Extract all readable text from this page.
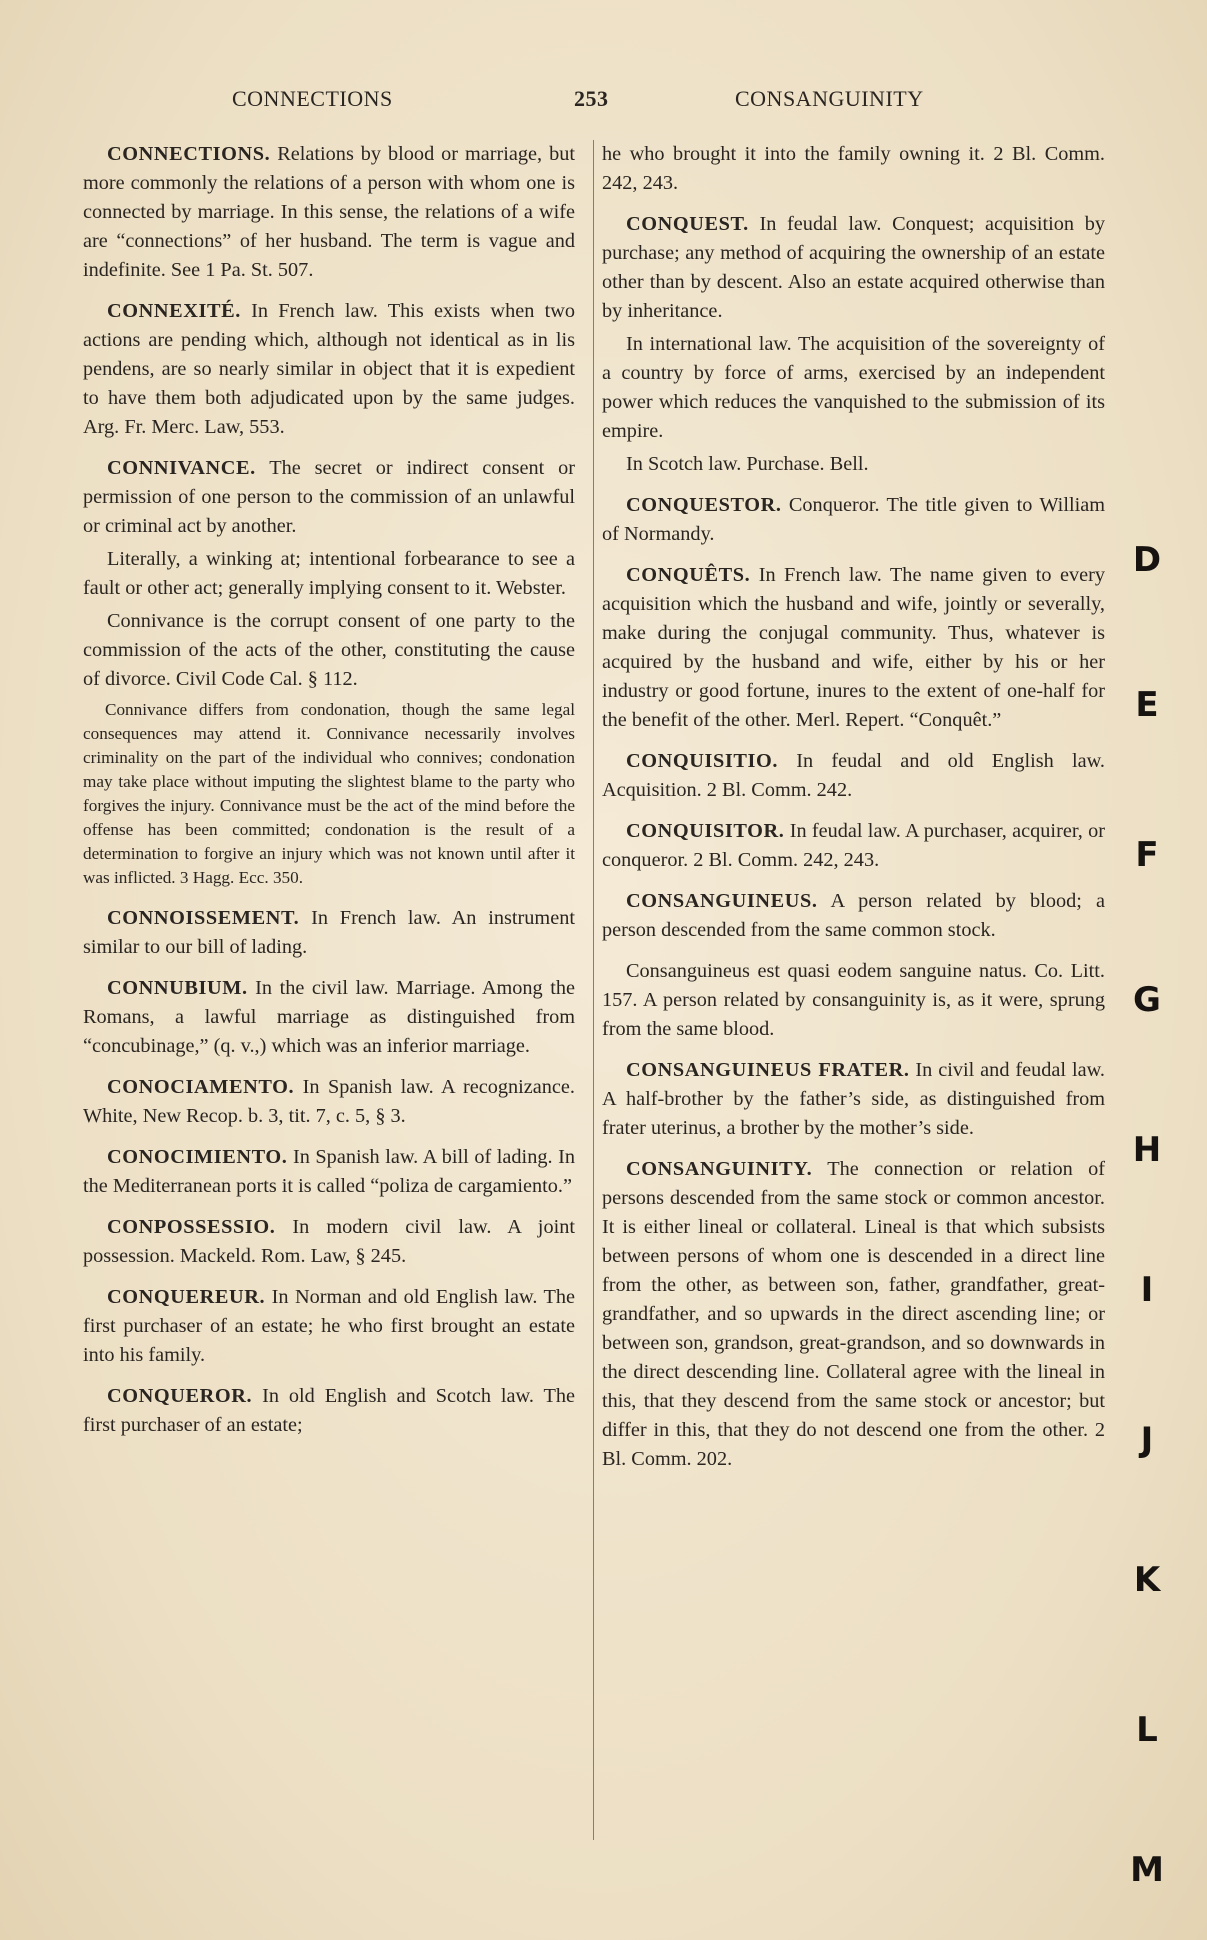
CONNECTIONS	253	CONSANGUINITY

CONNECTIONS. Relations by blood or marriage, but more commonly the relations of a person with whom one is connected by marriage. In this sense, the relations of a wife are “connections” of her husband. The term is vague and indefinite. See 1 Pa. St. 507.

CONNEXITÉ. In French law. This exists when two actions are pending which, although not identical as in lis pendens, are so nearly similar in object that it is expedient to have them both adjudicated upon by the same judges. Arg. Fr. Merc. Law, 553.

CONNIVANCE. The secret or indirect consent or permission of one person to the commission of an unlawful or criminal act by another.

Literally, a winking at; intentional forbearance to see a fault or other act; generally implying consent to it. Webster.

Connivance is the corrupt consent of one party to the commission of the acts of the other, constituting the cause of divorce. Civil Code Cal. § 112.

Connivance differs from condonation, though the same legal consequences may attend it. Connivance necessarily involves criminality on the part of the individual who connives; condonation may take place without imputing the slightest blame to the party who forgives the injury. Connivance must be the act of the mind before the offense has been committed; condonation is the result of a determination to forgive an injury which was not known until after it was inflicted. 3 Hagg. Ecc. 350.

CONNOISSEMENT. In French law. An instrument similar to our bill of lading.

CONNUBIUM. In the civil law. Marriage. Among the Romans, a lawful marriage as distinguished from “concubinage,” (q. v.,) which was an inferior marriage.

CONOCIAMENTO. In Spanish law. A recognizance. White, New Recop. b. 3, tit. 7, c. 5, § 3.

CONOCIMIENTO. In Spanish law. A bill of lading. In the Mediterranean ports it is called “poliza de cargamiento.”

CONPOSSESSIO. In modern civil law. A joint possession. Mackeld. Rom. Law, § 245.

CONQUEREUR. In Norman and old English law. The first purchaser of an estate; he who first brought an estate into his family.

CONQUEROR. In old English and Scotch law. The first purchaser of an estate;

he who brought it into the family owning it. 2 Bl. Comm. 242, 243.

CONQUEST. In feudal law. Conquest; acquisition by purchase; any method of acquiring the ownership of an estate other than by descent. Also an estate acquired otherwise than by inheritance.

In international law. The acquisition of the sovereignty of a country by force of arms, exercised by an independent power which reduces the vanquished to the submission of its empire.

In Scotch law. Purchase. Bell.

CONQUESTOR. Conqueror. The title given to William of Normandy.

CONQUÊTS. In French law. The name given to every acquisition which the husband and wife, jointly or severally, make during the conjugal community. Thus, whatever is acquired by the husband and wife, either by his or her industry or good fortune, inures to the extent of one-half for the benefit of the other. Merl. Repert. “Conquêt.”

CONQUISITIO. In feudal and old English law. Acquisition. 2 Bl. Comm. 242.

CONQUISITOR. In feudal law. A purchaser, acquirer, or conqueror. 2 Bl. Comm. 242, 243.

CONSANGUINEUS. A person related by blood; a person descended from the same common stock.

Consanguineus est quasi eodem sanguine natus. Co. Litt. 157. A person related by consanguinity is, as it were, sprung from the same blood.

CONSANGUINEUS FRATER. In civil and feudal law. A half-brother by the father’s side, as distinguished from frater uterinus, a brother by the mother’s side.

CONSANGUINITY. The connection or relation of persons descended from the same stock or common ancestor. It is either lineal or collateral. Lineal is that which subsists between persons of whom one is descended in a direct line from the other, as between son, father, grandfather, great-grandfather, and so upwards in the direct ascending line; or between son, grandson, great-grandson, and so downwards in the direct descending line. Collateral agree with the lineal in this, that they descend from the same stock or ancestor; but differ in this, that they do not descend one from the other. 2 Bl. Comm. 202.

D
E
F
G
H
I
J
K
L
M
